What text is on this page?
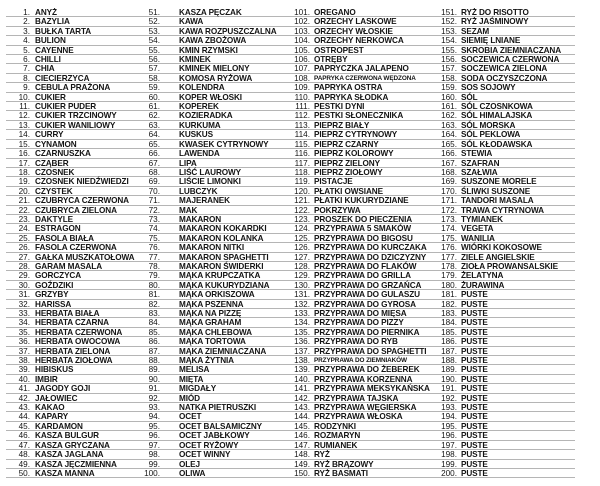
1. ANYŻ
2. BAZYLIA
3. BUŁKA TARTA
4. BULION
5. CAYENNE
6. CHILLI
7. CHIA
8. CIECIERZYCA
9. CEBULA PRAŻONA
10. CUKIER
11. CUKIER PUDER
12. CUKIER TRZCINOWY
13. CUKIER WANILIOWY
14. CURRY
15. CYNAMON
16. CZARNUSZKA
17. CZĄBER
18. CZOSNEK
19. CZOSNEK NIEDŹWIEDZI
20. CZYSTEK
21. CZUBRYCA CZERWONA
22. CZUBRYCA ZIELONA
23. DAKTYLE
24. ESTRAGON
25. FASOLA BIAŁA
26. FASOLA CZERWONA
27. GAŁKA MUSZKATOŁOWA
28. GARAM MASALA
29. GORCZYCA
30. GOŹDZIKI
31. GRZYBY
32. HARISSA
33. HERBATA BIAŁA
34. HERBATA CZARNA
35. HERBATA CZERWONA
36. HERBATA OWOCOWA
37. HERBATA ZIELONA
38. HERBATA ZIOŁOWA
39. HIBISKUS
40. IMBIR
41. JAGODY GOJI
42. JAŁOWIEC
43. KAKAO
44. KAPARY
45. KARDAMON
46. KASZA BULGUR
47. KASZA GRYCZANA
48. KASZA JAGLANA
49. KASZA JĘCZMIENNA
50. KASZA MANNA
51. KASZA PĘCZAK
52. KAWA
53. KAWA ROZPUSZCZALNA
54. KAWA ZBOŻOWA
55. KMIN RZYMSKI
56. KMINEK
57. KMINEK MIELONY
58. KOMOSA RYŻOWA
59. KOLENDRA
60. KOPER WŁOSKI
61. KOPEREK
62. KOZIERADKA
63. KURKUMA
64. KUSKUS
65. KWASEK CYTRYNOWY
66. LAWENDA
67. LIPA
68. LIŚĆ LAUROWY
69. LIŚCIE LIMONKI
70. LUBCZYK
71. MAJERANEK
72. MAK
73. MAKARON
74. MAKARON KOKARDKI
75. MAKARON KOLANKA
76. MAKARON NITKI
77. MAKARON SPAGHETTI
78. MAKARON ŚWIDERKI
79. MĄKA KRUPCZATKA
80. MĄKA KUKURYDZIANA
81. MĄKA ORKISZOWA
82. MĄKA PSZENNA
83. MĄKA NA PIZZĘ
84. MĄKA GRAHAM
85. MĄKA CHLEBOWA
86. MĄKA TORTOWA
87. MĄKA ZIEMNIACZANA
88. MĄKA ŻYTNIA
89. MELISA
90. MIĘTA
91. MIGDAŁY
92. MIÓD
93. NATKA PIETRUSZKI
94. OCET
95. OCET BALSAMICZNY
96. OCET JABŁKOWY
97. OCET RYŻOWY
98. OCET WINNY
99. OLEJ
100. OLIWA
101. OREGANO
102. ORZECHY LASKOWE
103. ORZECHY WŁOSKIE
104. ORZECHY NERKOWCA
105. OSTROPEST
106. OTRĘBY
107. PAPRYCZKA JALAPENO
108. PAPRYKA CZERWONA WĘDZONA
109. PAPRYKA OSTRA
110. PAPRYKA SŁODKA
111. PESTKI DYNI
112. PESTKI SŁONECZNIKA
113. PIEPRZ BIAŁY
114. PIEPRZ CYTRYNOWY
115. PIEPRZ CZARNY
116. PIEPRZ KOLOROWY
117. PIEPRZ ZIELONY
118. PIEPRZ ZIOŁOWY
119. PISTACJE
120. PŁATKI OWSIANE
121. PŁATKI KUKURYDZIANE
122. POKRZYWA
123. PROSZEK DO PIECZENIA
124. PRZYPRAWA 5 SMAKÓW
125. PRZYPRAWA DO BIGOSU
126. PRZYPRAWA DO KURCZAKA
127. PRZYPRAWA DO DZICZYZNY
128. PRZYPRAWA DO FLAKÓW
129. PRZYPRAWA DO GRILLA
130. PRZYPRAWA DO GRZAŃCA
131. PRZYPRAWA DO GULASZU
132. PRZYPRAWA DO GYROSA
133. PRZYPRAWA DO MIĘSA
134. PRZYPRAWA DO PIZZY
135. PRZYPRAWA DO PIERNIKA
136. PRZYPRAWA DO RYB
137. PRZYPRAWA DO SPAGHETTI
138. PRZYPRAWA DO ZIEMNIAKÓW
139. PRZYPRAWA DO ŻEBEREK
140. PRZYPRAWA KORZENNA
141. PRZYPRAWA MEKSYKAŃSKA
142. PRZYPRAWA TAJSKA
143. PRZYPRAWA WĘGIERSKA
144. PRZYPRAWA WŁOSKA
145. RODZYNKI
146. ROZMARYN
147. RUMIANEK
148. RYŻ
149. RYŻ BRĄZOWY
150. RYŻ BASMATI
151. RYŻ DO RISOTTO
152. RYŻ JAŚMINOWY
153. SEZAM
154. SIEMIĘ LNIANE
155. SKROBIA ZIEMNIACZANA
156. SOCZEWICA CZERWONA
157. SOCZEWICA ZIELONA
158. SODA OCZYSZCZONA
159. SOS SOJOWY
160. SÓL
161. SÓL CZOSNKOWA
162. SÓL HIMALAJSKA
163. SÓL MORSKA
164. SÓL PEKLOWA
165. SÓL KŁODAWSKA
166. STEWIA
167. SZAFRAN
168. SZAŁWIA
169. SUSZONE MORELE
170. ŚLIWKI SUSZONE
171. TANDORI MASALA
172. TRAWA CYTRYNOWA
173. TYMIANEK
174. VEGETA
175. WANILIA
176. WIÓRKI KOKOSOWE
177. ZIELE ANGIELSKIE
178. ZIOŁA PROWANSALSKIE
179. ŻELATYNA
180. ŻURAWINA
181. PUSTE
182. PUSTE
183. PUSTE
184. PUSTE
185. PUSTE
186. PUSTE
187. PUSTE
188. PUSTE
189. PUSTE
190. PUSTE
191. PUSTE
192. PUSTE
193. PUSTE
194. PUSTE
195. PUSTE
196. PUSTE
197. PUSTE
198. PUSTE
199. PUSTE
200. PUSTE
